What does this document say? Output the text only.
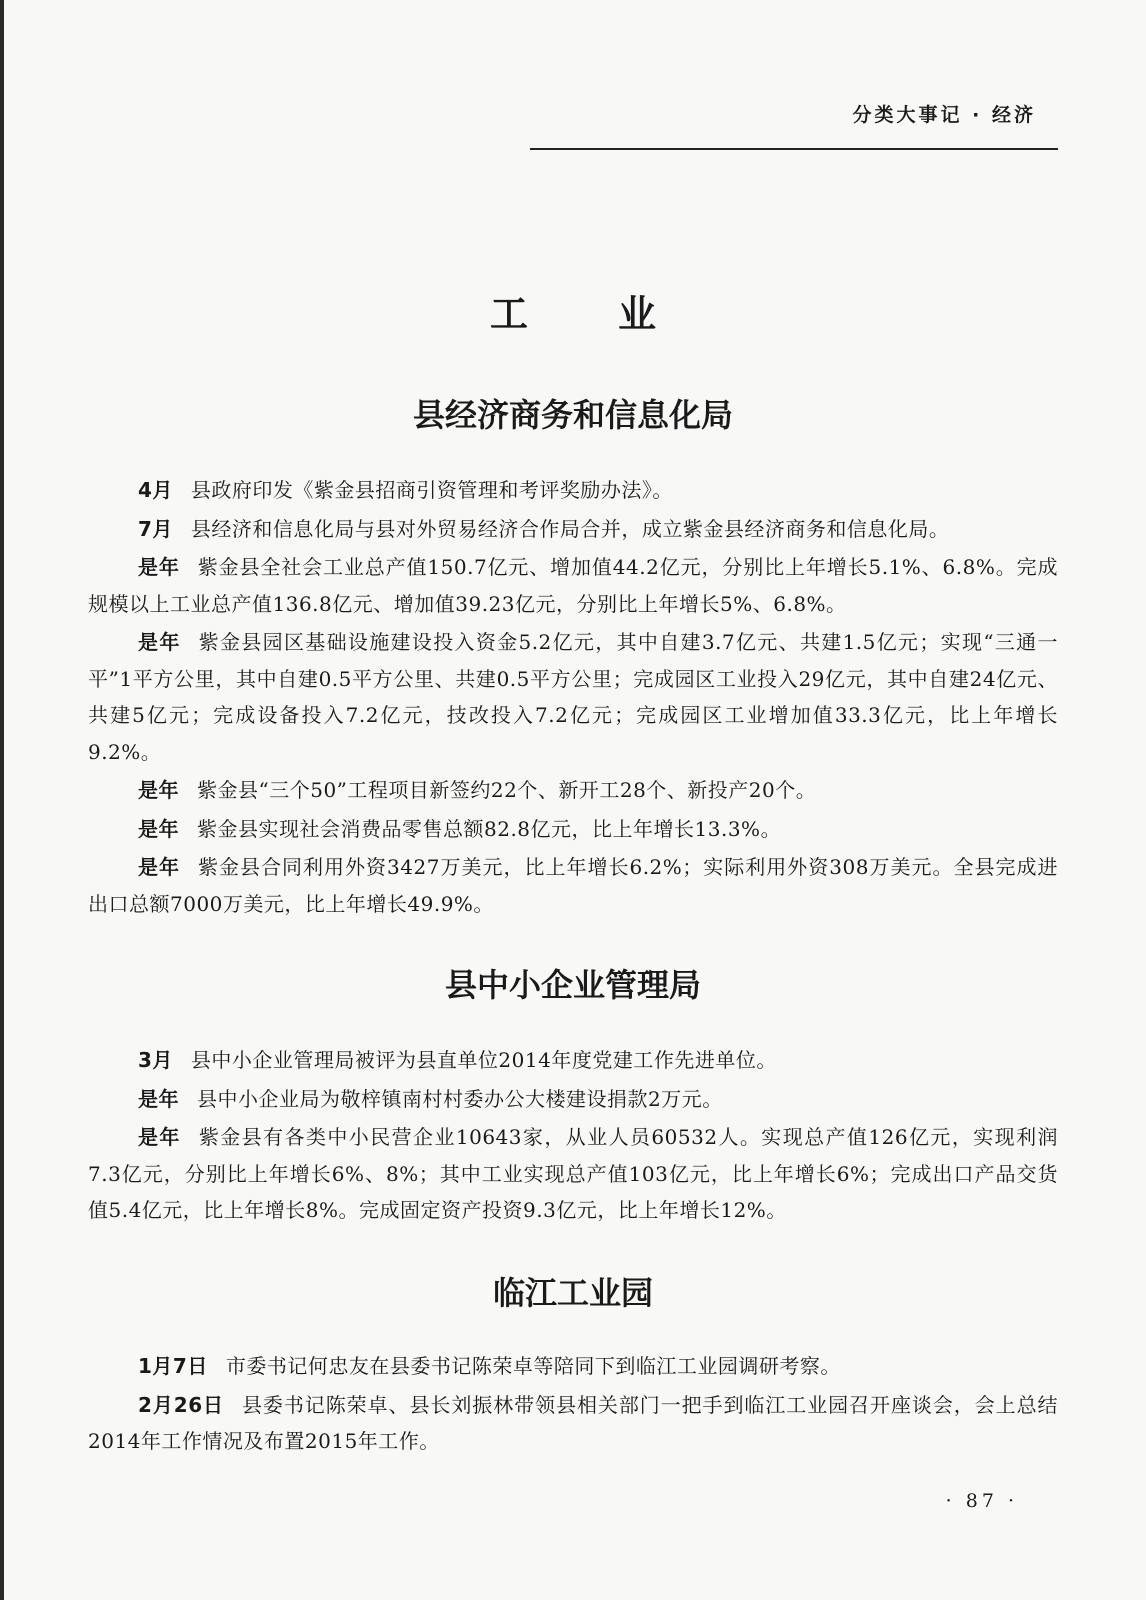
分类大事记 · 经济
工业
县经济商务和信息化局

4月 县政府印发《紫金县招商引资管理和考评奖励办法》。

7月 县经济和信息化局与县对外贸易经济合作局合并，成立紫金县经济商务和信息化局。

是年 紫金县全社会工业总产值150.7亿元、增加值44.2亿元，分别比上年增长5.1%、6.8%。完成规模以上工业总产值136.8亿元、增加值39.23亿元，分别比上年增长5%、6.8%。

是年 紫金县园区基础设施建设投入资金5.2亿元，其中自建3.7亿元、共建1.5亿元；实现“三通一平”1平方公里，其中自建0.5平方公里、共建0.5平方公里；完成园区工业投入29亿元，其中自建24亿元、共建5亿元；完成设备投入7.2亿元，技改投入7.2亿元；完成园区工业增加值33.3亿元，比上年增长9.2%。

是年 紫金县“三个50”工程项目新签约22个、新开工28个、新投产20个。

是年 紫金县实现社会消费品零售总额82.8亿元，比上年增长13.3%。

是年 紫金县合同利用外资3427万美元，比上年增长6.2%；实际利用外资308万美元。全县完成进出口总额7000万美元，比上年增长49.9%。

县中小企业管理局

3月 县中小企业管理局被评为县直单位2014年度党建工作先进单位。

是年 县中小企业局为敬梓镇南村村委办公大楼建设捐款2万元。

是年 紫金县有各类中小民营企业10643家，从业人员60532人。实现总产值126亿元，实现利润7.3亿元，分别比上年增长6%、8%；其中工业实现总产值103亿元，比上年增长6%；完成出口产品交货值5.4亿元，比上年增长8%。完成固定资产投资9.3亿元，比上年增长12%。

临江工业园

1月7日 市委书记何忠友在县委书记陈荣卓等陪同下到临江工业园调研考察。

2月26日 县委书记陈荣卓、县长刘振林带领县相关部门一把手到临江工业园召开座谈会，会上总结2014年工作情况及布置2015年工作。

· 87 ·
